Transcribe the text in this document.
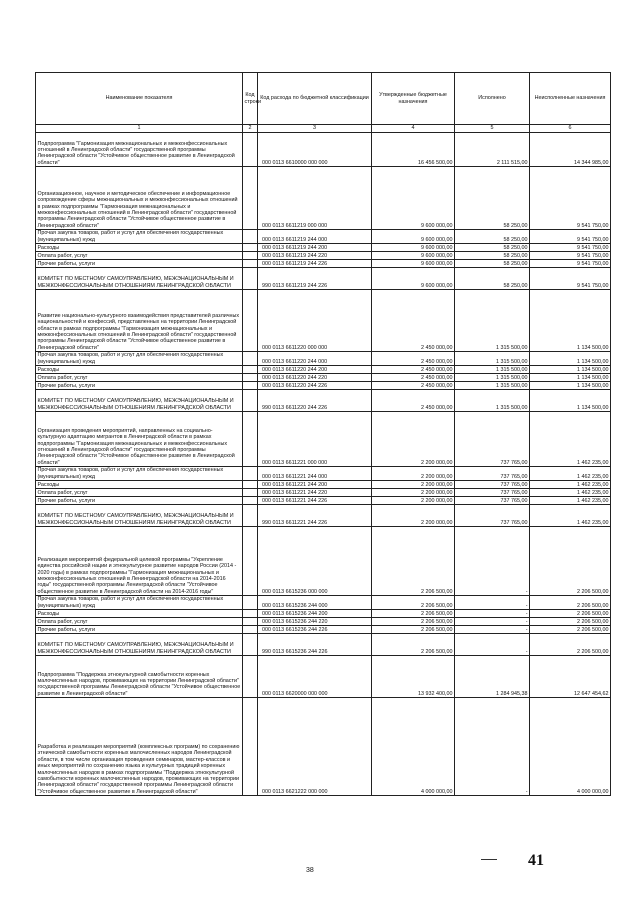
Наименование показателя	Код строки	Код расхода по бюджетной классификации	Утвержденные бюджетные назначения	Исполнено	Неисполненные назначения
1	2	3	4	5	6
Подпрограмма "Гармонизация межнациональных и межконфессиональных отношений в Ленинградской области" государственной программы Ленинградской области "Устойчивое общественное развитие в Ленинградской области"		000 0113 6610000 000 000	16 456 500,00	2 111 515,00	14 344 985,00
Организационное, научное и методическое обеспечение и информационное сопровождение сферы межнациональных и межконфессиональных отношений в рамках подпрограммы "Гармонизация межнациональных и межконфессиональных отношений в Ленинградской области" государственной программы Ленинградской области "Устойчивое общественное развитие в Ленинградской области"		000 0113 6611219 000 000	9 600 000,00	58 250,00	9 541 750,00
Прочая закупка товаров, работ и услуг для обеспечения государственных (муниципальных) нужд		000 0113 6611219 244 000	9 600 000,00	58 250,00	9 541 750,00
Расходы		000 0113 6611219 244 200	9 600 000,00	58 250,00	9 541 750,00
Оплата работ, услуг		000 0113 6611219 244 220	9 600 000,00	58 250,00	9 541 750,00
Прочие работы, услуги		000 0113 6611219 244 226	9 600 000,00	58 250,00	9 541 750,00
КОМИТЕТ ПО МЕСТНОМУ САМОУПРАВЛЕНИЮ, МЕЖЭНАЦИОНАЛЬНЫМ И МЕЖКОНФЕССИОНАЛЬНЫМ ОТНОШЕНИЯМ ЛЕНИНГРАДСКОЙ ОБЛАСТИ		990 0113 6611219 244 226	9 600 000,00	58 250,00	9 541 750,00
Развитие национально-культурного взаимодействия представителей различных национальностей и конфессий, представленных на территории Ленинградской области в рамках подпрограммы "Гармонизация межнациональных и межконфессиональных отношений в Ленинградской области" государственной программы Ленинградской области "Устойчивое общественное развитие в Ленинградской области"		000 0113 6611220 000 000	2 450 000,00	1 315 500,00	1 134 500,00
Прочая закупка товаров, работ и услуг для обеспечения государственных (муниципальных) нужд		000 0113 6611220 244 000	2 450 000,00	1 315 500,00	1 134 500,00
Расходы		000 0113 6611220 244 200	2 450 000,00	1 315 500,00	1 134 500,00
Оплата работ, услуг		000 0113 6611220 244 220	2 450 000,00	1 315 500,00	1 134 500,00
Прочие работы, услуги		000 0113 6611220 244 226	2 450 000,00	1 315 500,00	1 134 500,00
КОМИТЕТ ПО МЕСТНОМУ САМОУПРАВЛЕНИЮ, МЕЖЭНАЦИОНАЛЬНЫМ И МЕЖКОНФЕССИОНАЛЬНЫМ ОТНОШЕНИЯМ ЛЕНИНГРАДСКОЙ ОБЛАСТИ		990 0113 6611220 244 226	2 450 000,00	1 315 500,00	1 134 500,00
Организация проведения мероприятий, направленных на социально-культурную адаптацию мигрантов в Ленинградской области в рамках подпрограммы "Гармонизация межнациональных и межконфессиональных отношений в Ленинградской области" государственной программы Ленинградской области "Устойчивое общественное развитие в Ленинградской области"		000 0113 6611221 000 000	2 200 000,00	737 765,00	1 462 235,00
Прочая закупка товаров, работ и услуг для обеспечения государственных (муниципальных) нужд		000 0113 6611221 244 000	2 200 000,00	737 765,00	1 462 235,00
Расходы		000 0113 6611221 244 200	2 200 000,00	737 765,00	1 462 235,00
Оплата работ, услуг		000 0113 6611221 244 220	2 200 000,00	737 765,00	1 462 235,00
Прочие работы, услуги		000 0113 6611221 244 226	2 200 000,00	737 765,00	1 462 235,00
КОМИТЕТ ПО МЕСТНОМУ САМОУПРАВЛЕНИЮ, МЕЖЭНАЦИОНАЛЬНЫМ И МЕЖКОНФЕССИОНАЛЬНЫМ ОТНОШЕНИЯМ ЛЕНИНГРАДСКОЙ ОБЛАСТИ		990 0113 6611221 244 226	2 200 000,00	737 765,00	1 462 235,00
Реализация мероприятий федеральной целевой программы "Укрепление единства российской нации и этнокультурное развитие народов России (2014 - 2020 годы) в рамках подпрограммы "Гармонизация межнациональных и межконфессиональных отношений в Ленинградской области на 2014-2016 годы" государственной программы Ленинградской области "Устойчивое общественное развитие в Ленинградской области на 2014-2016 годы"		000 0113 6615236 000 000	2 206 500,00	-	2 206 500,00
Прочая закупка товаров, работ и услуг для обеспечения государственных (муниципальных) нужд		000 0113 6615236 244 000	2 206 500,00	-	2 206 500,00
Расходы		000 0113 6615236 244 200	2 206 500,00	-	2 206 500,00
Оплата работ, услуг		000 0113 6615236 244 220	2 206 500,00	-	2 206 500,00
Прочие работы, услуги		000 0113 6615236 244 226	2 206 500,00	-	2 206 500,00
КОМИТЕТ ПО МЕСТНОМУ САМОУПРАВЛЕНИЮ, МЕЖЭНАЦИОНАЛЬНЫМ И МЕЖКОНФЕССИОНАЛЬНЫМ ОТНОШЕНИЯМ ЛЕНИНГРАДСКОЙ ОБЛАСТИ		990 0113 6615236 244 226	2 206 500,00	-	2 206 500,00
Подпрограмма "Поддержка этнокультурной самобытности коренных малочисленных народов, проживающих на территории Ленинградской области" государственной программы Ленинградской области "Устойчивое общественное развитие в Ленинградской области"		000 0113 6620000 000 000	13 932 400,00	1 284 945,38	12 647 454,62
Разработка и реализация мероприятий (комплексных программ) по сохранению этнической самобытности коренных малочисленных народов Ленинградской области, в том числе организация проведения семинаров, мастер-классов и иных мероприятий по сохранению языка и культурных традиций коренных малочисленных народов в рамках подпрограммы "Поддержка этнокультурной самобытности коренных малочисленных народов, проживающих на территории Ленинградской области" государственной программы Ленинградской области "Устойчивое общественное развитие в Ленинградской области"		000 0113 6621222 000 000	4 000 000,00	-	4 000 000,00
41
38
